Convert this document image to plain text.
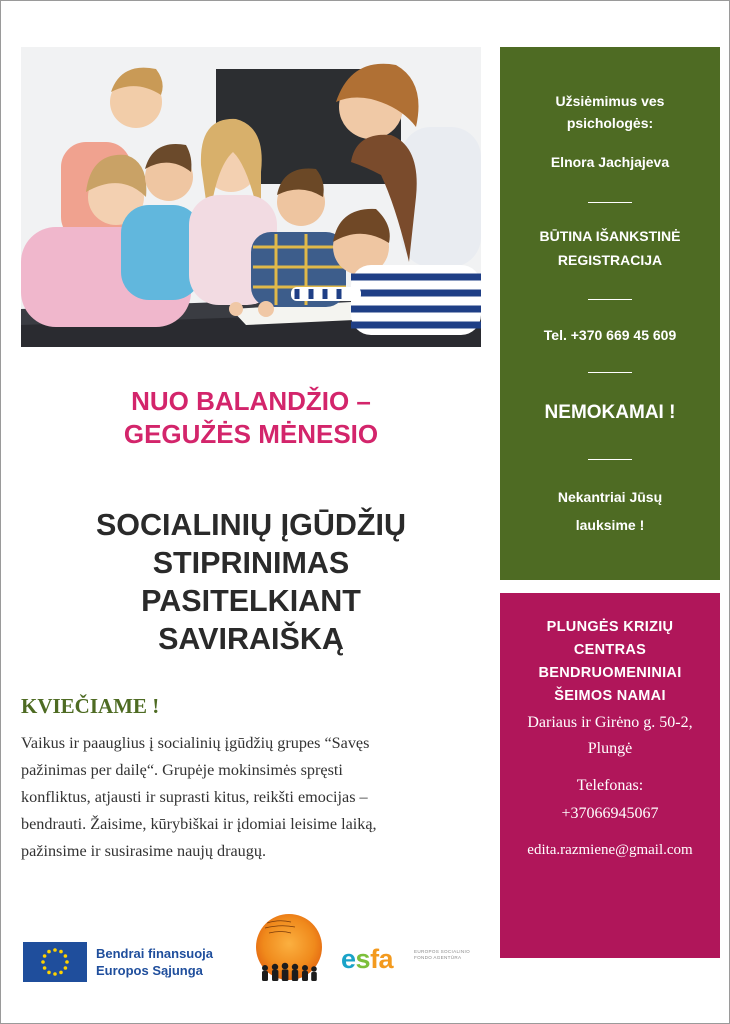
Užsiėmimus ves
psichologės:
Elnora Jachjajeva
BŪTINA IŠANKSTINĖ
REGISTRACIJA
Tel. +370 669 45 609
NEMOKAMAI !
Nekantriai Jūsų
lauksime !
PLUNGĖS KRIZIŲ
CENTRAS
BENDRUOMENINIAI
ŠEIMOS NAMAI
Dariaus ir Girėno g. 50-2,
Plungė
Telefonas:
+37066945067
edita.razmiene@gmail.com
NUO BALANDŽIO –
GEGUŽĖS MĖNESIO
SOCIALINIŲ ĮGŪDŽIŲ
STIPRINIMAS
PASITELKIANT
SAVIRAIŠKĄ
KVIEČIAME !
Vaikus ir paauglius į socialinių įgūdžių grupes “Savęs
pažinimas per dailę“. Grupėje mokinsimės spręsti
konfliktus, atjausti ir suprasti kitus, reikšti emocijas –
bendrauti. Žaisime, kūrybiškai ir įdomiai leisime laiką,
pažinsime ir susirasime naujų draugų.
Bendrai finansuoja
Europos Sąjunga	esfa	EUROPOS SOCIALINIO FONDO AGENTŪRA
